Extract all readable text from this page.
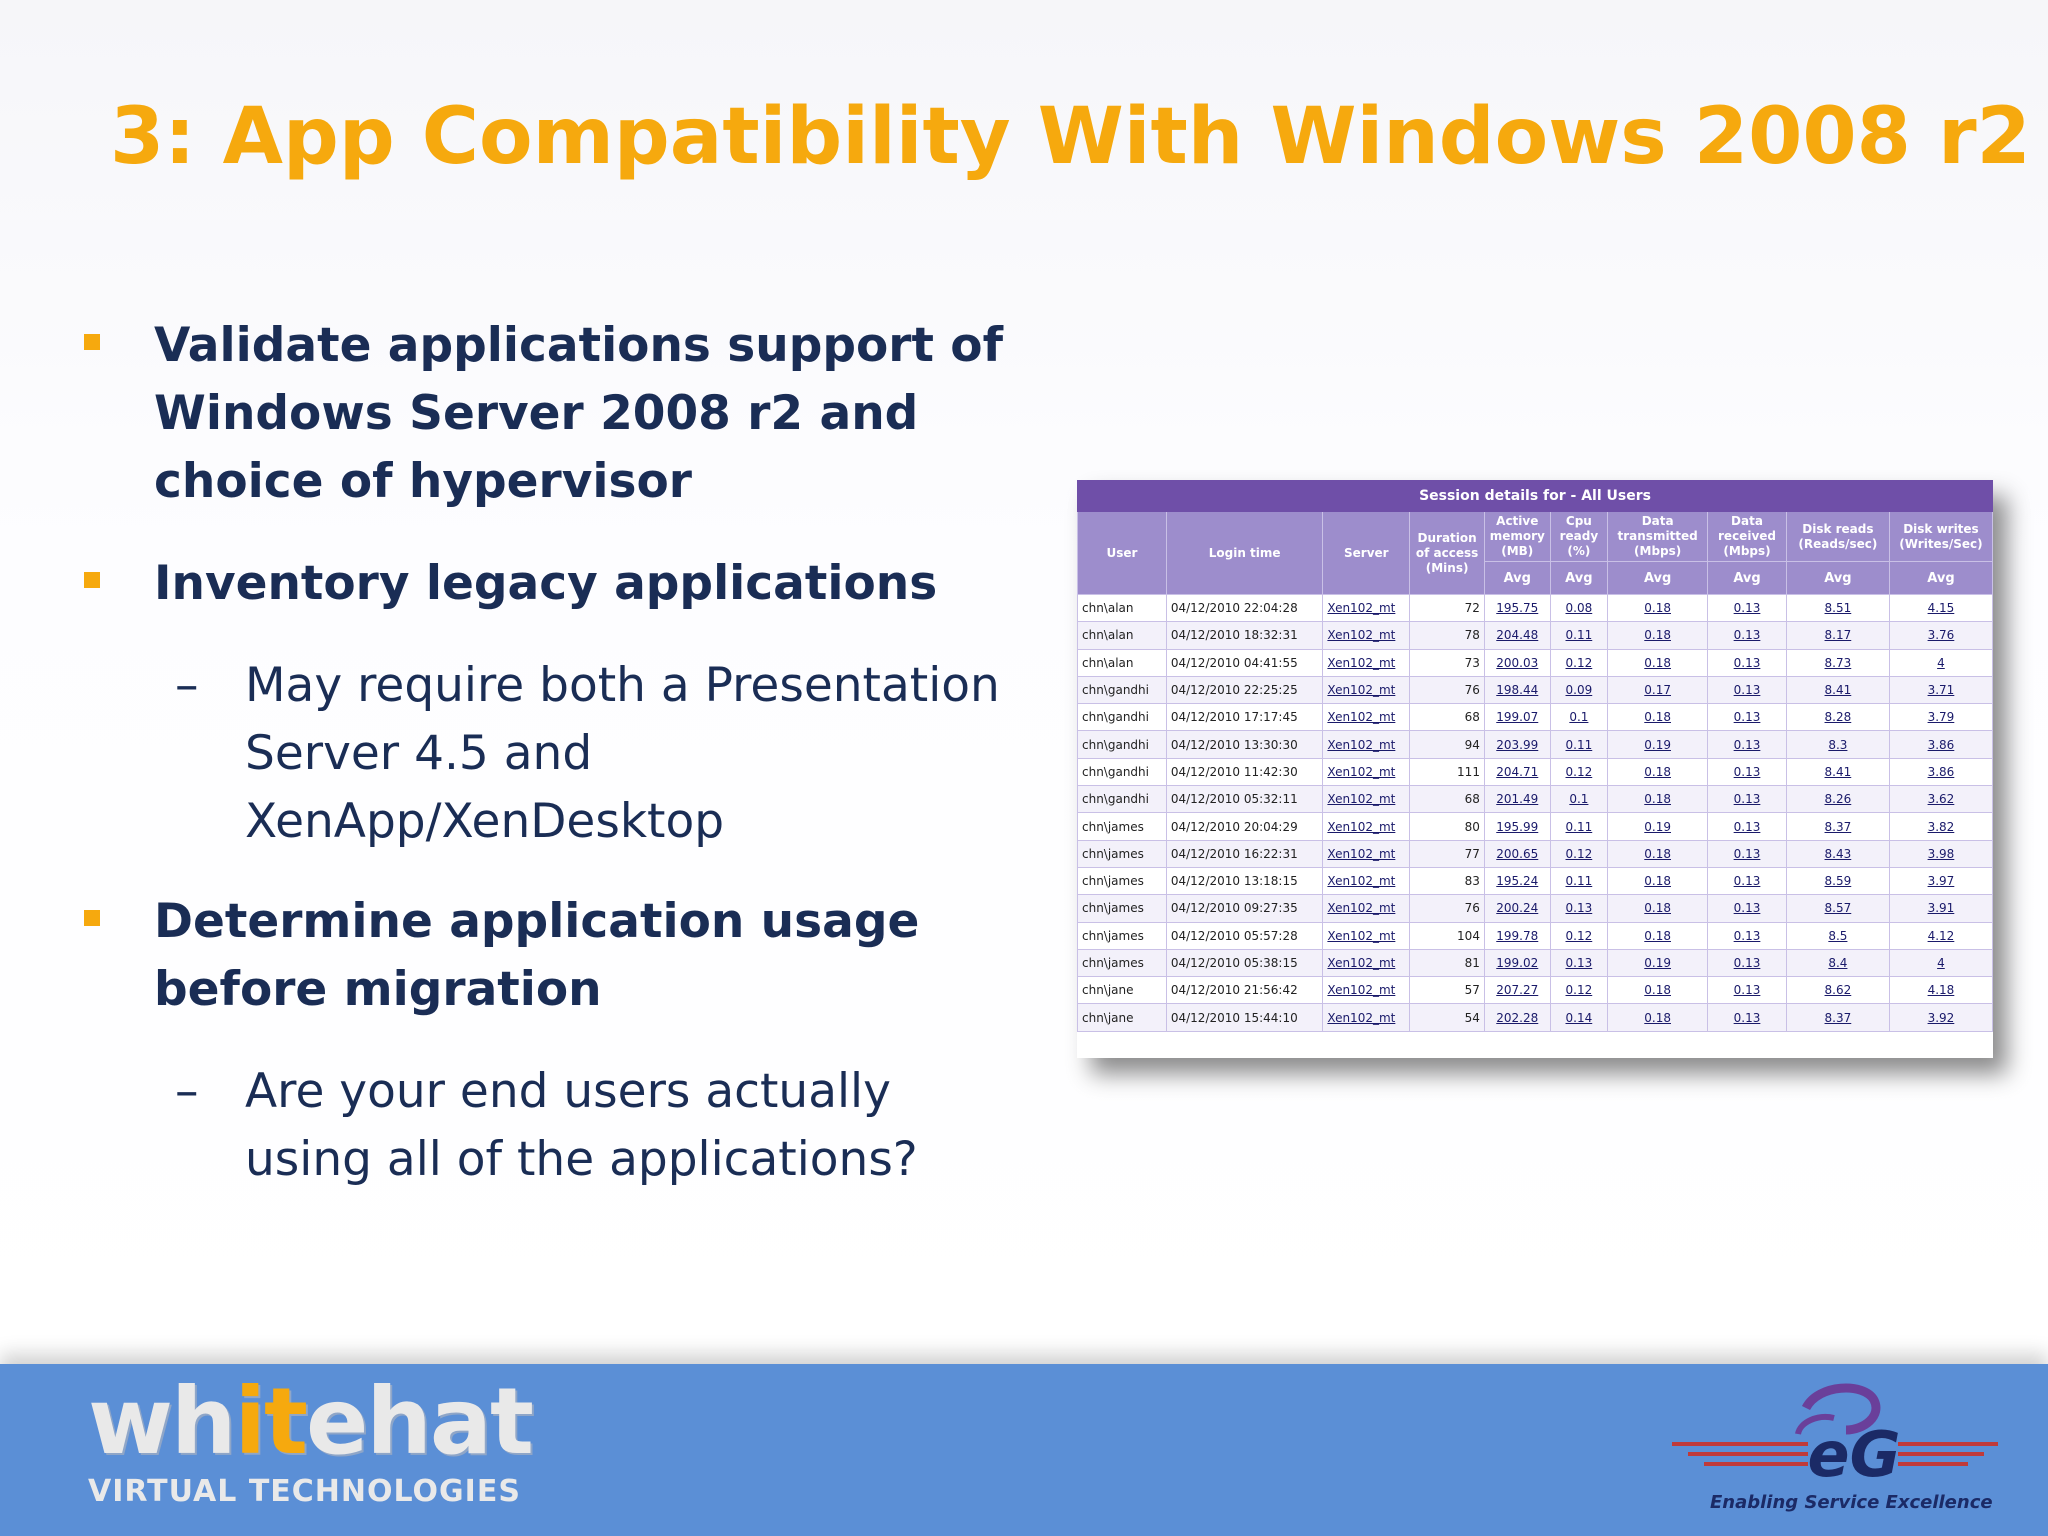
3: App Compatibility With Windows 2008 r2
Validate applications support of Windows Server 2008 r2 and choice of hypervisor
Inventory legacy applications
– May require both a Presentation Server 4.5 and XenApp/XenDesktop
Determine application usage before migration
– Are your end users actually using all of the applications?
Session details for - All Users									
User	Login time	Server	Duration of access (Mins)	Active memory (MB)	Cpu ready (%)	Data transmitted (Mbps)	Data received (Mbps)	Disk reads (Reads/sec)	Disk writes (Writes/Sec)
				Avg	Avg	Avg	Avg	Avg	Avg
chn\alan	04/12/2010 22:04:28	Xen102_mt	72	195.75	0.08	0.18	0.13	8.51	4.15
chn\alan	04/12/2010 18:32:31	Xen102_mt	78	204.48	0.11	0.18	0.13	8.17	3.76
chn\alan	04/12/2010 04:41:55	Xen102_mt	73	200.03	0.12	0.18	0.13	8.73	4
chn\gandhi	04/12/2010 22:25:25	Xen102_mt	76	198.44	0.09	0.17	0.13	8.41	3.71
chn\gandhi	04/12/2010 17:17:45	Xen102_mt	68	199.07	0.1	0.18	0.13	8.28	3.79
chn\gandhi	04/12/2010 13:30:30	Xen102_mt	94	203.99	0.11	0.19	0.13	8.3	3.86
chn\gandhi	04/12/2010 11:42:30	Xen102_mt	111	204.71	0.12	0.18	0.13	8.41	3.86
chn\gandhi	04/12/2010 05:32:11	Xen102_mt	68	201.49	0.1	0.18	0.13	8.26	3.62
chn\james	04/12/2010 20:04:29	Xen102_mt	80	195.99	0.11	0.19	0.13	8.37	3.82
chn\james	04/12/2010 16:22:31	Xen102_mt	77	200.65	0.12	0.18	0.13	8.43	3.98
chn\james	04/12/2010 13:18:15	Xen102_mt	83	195.24	0.11	0.18	0.13	8.59	3.97
chn\james	04/12/2010 09:27:35	Xen102_mt	76	200.24	0.13	0.18	0.13	8.57	3.91
chn\james	04/12/2010 05:57:28	Xen102_mt	104	199.78	0.12	0.18	0.13	8.5	4.12
chn\james	04/12/2010 05:38:15	Xen102_mt	81	199.02	0.13	0.19	0.13	8.4	4
chn\jane	04/12/2010 21:56:42	Xen102_mt	57	207.27	0.12	0.18	0.13	8.62	4.18
chn\jane	04/12/2010 15:44:10	Xen102_mt	54	202.28	0.14	0.18	0.13	8.37	3.92
whitehat
VIRTUAL TECHNOLOGIES
eG
Enabling Service Excellence
